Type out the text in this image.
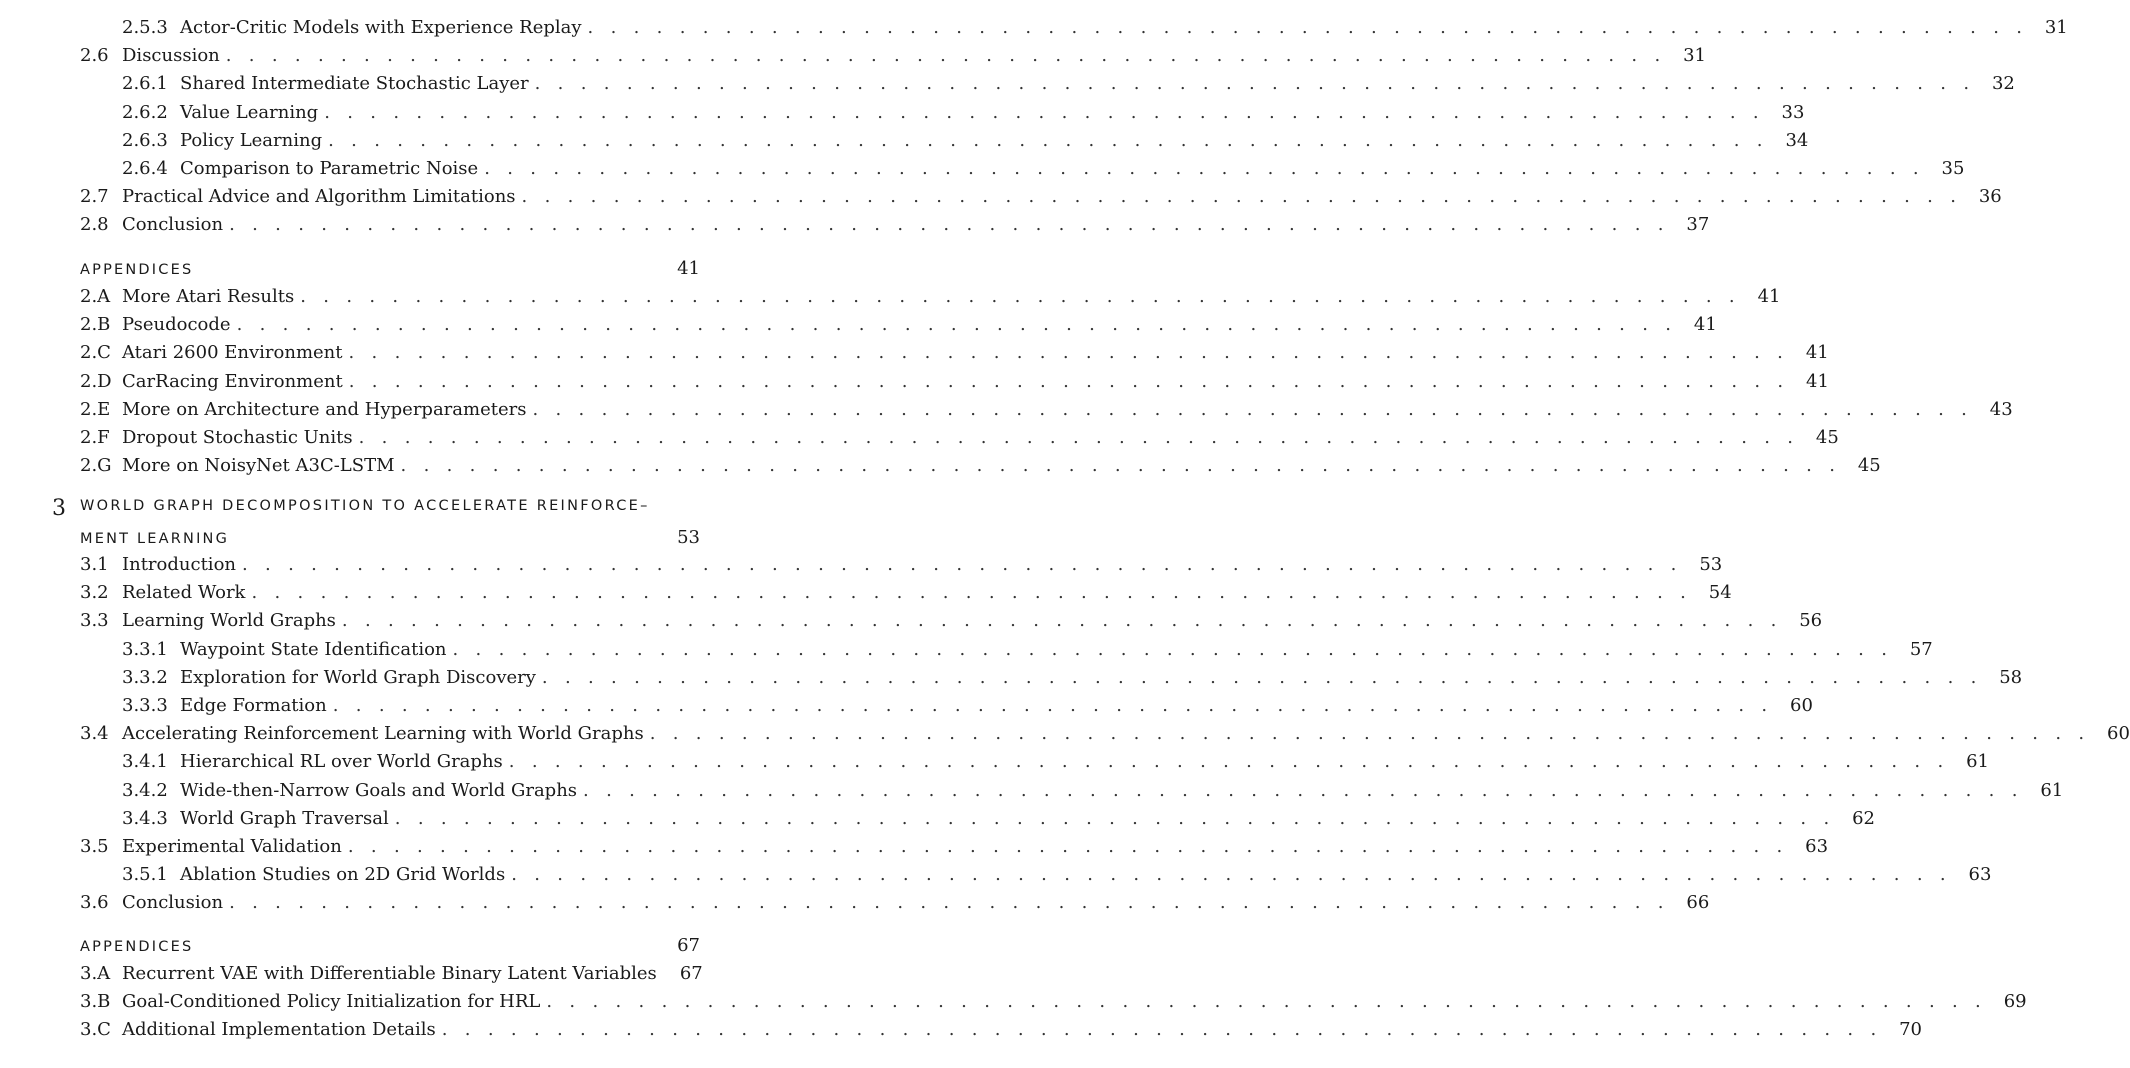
2.5.3 Actor-Critic Models with Experience Replay . . . . . . . . . . . . . . . . . . . . . . . . . . . . . . . . . . . . . . . . . . . . . . . . . . . . . . . . . . . . . . . 31
2.6 Discussion . . . . . . . . . . . . . . . . . . . . . . . . . . . . . . . . . . . . . . . . . . . . . . . . . . . . . . . . . . . . . . . 31
2.6.1 Shared Intermediate Stochastic Layer . . . . . . . . . . . . . . . . . . . . . . . . . . . . . . . . . . . . . . . . . . . . . . . . . . . . . . . . . . . . . . . 32
2.6.2 Value Learning . . . . . . . . . . . . . . . . . . . . . . . . . . . . . . . . . . . . . . . . . . . . . . . . . . . . . . . . . . . . . . . 33
2.6.3 Policy Learning . . . . . . . . . . . . . . . . . . . . . . . . . . . . . . . . . . . . . . . . . . . . . . . . . . . . . . . . . . . . . . . 34
2.6.4 Comparison to Parametric Noise . . . . . . . . . . . . . . . . . . . . . . . . . . . . . . . . . . . . . . . . . . . . . . . . . . . . . . . . . . . . . . . 35
2.7 Practical Advice and Algorithm Limitations . . . . . . . . . . . . . . . . . . . . . . . . . . . . . . . . . . . . . . . . . . . . . . . . . . . . . . . . . . . . . . . 36
2.8 Conclusion . . . . . . . . . . . . . . . . . . . . . . . . . . . . . . . . . . . . . . . . . . . . . . . . . . . . . . . . . . . . . . . 37
APPENDICES	41
2.A More Atari Results . . . . . . . . . . . . . . . . . . . . . . . . . . . . . . . . . . . . . . . . . . . . . . . . . . . . . . . . . . . . . . . 41
2.B Pseudocode . . . . . . . . . . . . . . . . . . . . . . . . . . . . . . . . . . . . . . . . . . . . . . . . . . . . . . . . . . . . . . . 41
2.C Atari 2600 Environment . . . . . . . . . . . . . . . . . . . . . . . . . . . . . . . . . . . . . . . . . . . . . . . . . . . . . . . . . . . . . . . 41
2.D CarRacing Environment . . . . . . . . . . . . . . . . . . . . . . . . . . . . . . . . . . . . . . . . . . . . . . . . . . . . . . . . . . . . . . . 41
2.E More on Architecture and Hyperparameters . . . . . . . . . . . . . . . . . . . . . . . . . . . . . . . . . . . . . . . . . . . . . . . . . . . . . . . . . . . . . . . 43
2.F Dropout Stochastic Units . . . . . . . . . . . . . . . . . . . . . . . . . . . . . . . . . . . . . . . . . . . . . . . . . . . . . . . . . . . . . . . 45
2.G More on NoisyNet A3C-LSTM . . . . . . . . . . . . . . . . . . . . . . . . . . . . . . . . . . . . . . . . . . . . . . . . . . . . . . . . . . . . . . . 45
3 WORLD GRAPH DECOMPOSITION TO ACCELERATE REINFORCE–
MENT LEARNING	53
3.1 Introduction . . . . . . . . . . . . . . . . . . . . . . . . . . . . . . . . . . . . . . . . . . . . . . . . . . . . . . . . . . . . . . . 53
3.2 Related Work . . . . . . . . . . . . . . . . . . . . . . . . . . . . . . . . . . . . . . . . . . . . . . . . . . . . . . . . . . . . . . . 54
3.3 Learning World Graphs . . . . . . . . . . . . . . . . . . . . . . . . . . . . . . . . . . . . . . . . . . . . . . . . . . . . . . . . . . . . . . . 56
3.3.1 Waypoint State Identification . . . . . . . . . . . . . . . . . . . . . . . . . . . . . . . . . . . . . . . . . . . . . . . . . . . . . . . . . . . . . . . 57
3.3.2 Exploration for World Graph Discovery . . . . . . . . . . . . . . . . . . . . . . . . . . . . . . . . . . . . . . . . . . . . . . . . . . . . . . . . . . . . . . . 58
3.3.3 Edge Formation . . . . . . . . . . . . . . . . . . . . . . . . . . . . . . . . . . . . . . . . . . . . . . . . . . . . . . . . . . . . . . . 60
3.4 Accelerating Reinforcement Learning with World Graphs . . . . . . . . . . . . . . . . . . . . . . . . . . . . . . . . . . . . . . . . . . . . . . . . . . . . . . . . . . . . . . . 60
3.4.1 Hierarchical RL over World Graphs . . . . . . . . . . . . . . . . . . . . . . . . . . . . . . . . . . . . . . . . . . . . . . . . . . . . . . . . . . . . . . . 61
3.4.2 Wide-then-Narrow Goals and World Graphs . . . . . . . . . . . . . . . . . . . . . . . . . . . . . . . . . . . . . . . . . . . . . . . . . . . . . . . . . . . . . . . 61
3.4.3 World Graph Traversal . . . . . . . . . . . . . . . . . . . . . . . . . . . . . . . . . . . . . . . . . . . . . . . . . . . . . . . . . . . . . . . 62
3.5 Experimental Validation . . . . . . . . . . . . . . . . . . . . . . . . . . . . . . . . . . . . . . . . . . . . . . . . . . . . . . . . . . . . . . . 63
3.5.1 Ablation Studies on 2D Grid Worlds . . . . . . . . . . . . . . . . . . . . . . . . . . . . . . . . . . . . . . . . . . . . . . . . . . . . . . . . . . . . . . . 63
3.6 Conclusion . . . . . . . . . . . . . . . . . . . . . . . . . . . . . . . . . . . . . . . . . . . . . . . . . . . . . . . . . . . . . . . 66
APPENDICES	67
3.A Recurrent VAE with Differentiable Binary Latent Variables	67
3.B Goal-Conditioned Policy Initialization for HRL . . . . . . . . . . . . . . . . . . . . . . . . . . . . . . . . . . . . . . . . . . . . . . . . . . . . . . . . . . . . . . . 69
3.C Additional Implementation Details . . . . . . . . . . . . . . . . . . . . . . . . . . . . . . . . . . . . . . . . . . . . . . . . . . . . . . . . . . . . . . . 70
